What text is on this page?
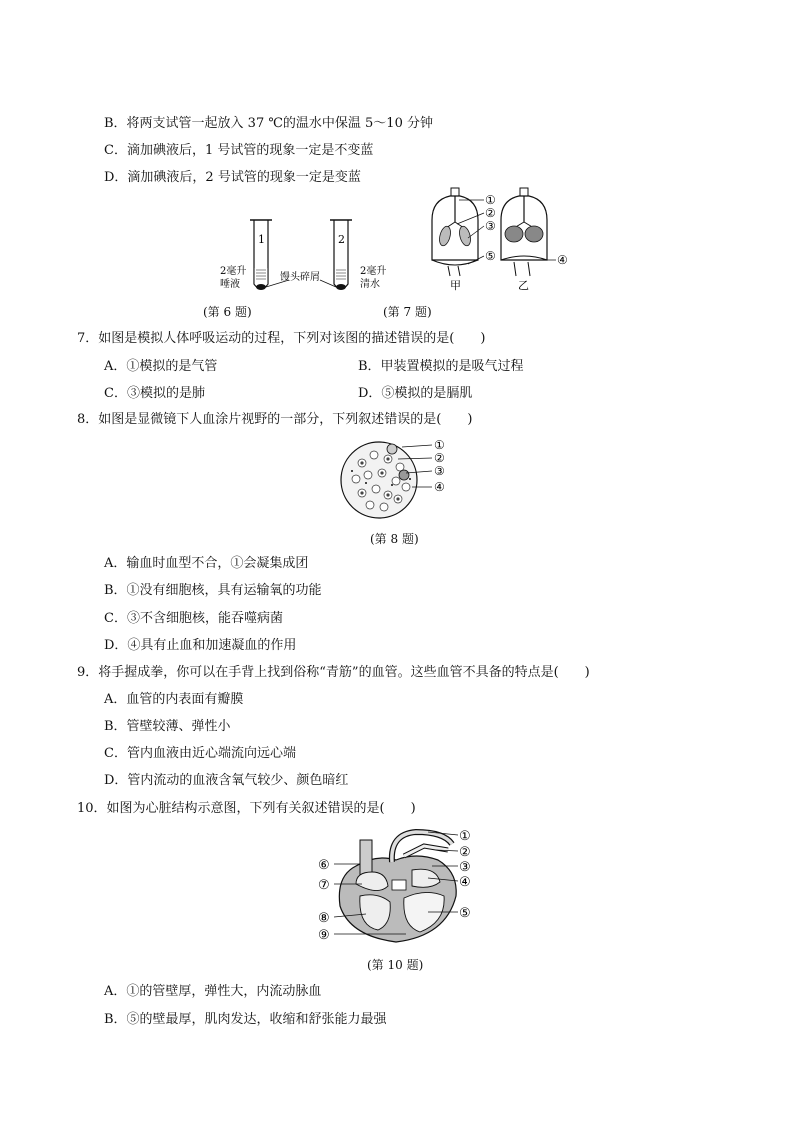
B．将两支试管一起放入 37 ℃的温水中保温 5～10 分钟
C．滴加碘液后，1 号试管的现象一定是不变蓝
D．滴加碘液后，2 号试管的现象一定是变蓝
1	2
2毫升
唾液
馒头碎屑
2毫升
清水
(第 6 题)
甲	乙
①
②
③
⑤	④
(第 7 题)
7．如图是模拟人体呼吸运动的过程，下列对该图的描述错误的是(　　)
A．①模拟的是气管	B．甲装置模拟的是吸气过程
C．③模拟的是肺	D．⑤模拟的是膈肌
8．如图是显微镜下人血涂片视野的一部分，下列叙述错误的是(　　)
①
②
③
④
(第 8 题)
A．输血时血型不合，①会凝集成团
B．①没有细胞核，具有运输氧的功能
C．③不含细胞核，能吞噬病菌
D．④具有止血和加速凝血的作用
9．将手握成拳，你可以在手背上找到俗称“青筋”的血管。这些血管不具备的特点是(　　)
A．血管的内表面有瓣膜
B．管壁较薄、弹性小
C．管内血液由近心端流向远心端
D．管内流动的血液含氧气较少、颜色暗红
10．如图为心脏结构示意图，下列有关叙述错误的是(　　)
①
②
③
④
⑤
⑥
⑦
⑧
⑨
(第 10 题)
A．①的管壁厚，弹性大，内流动脉血
B．⑤的壁最厚，肌肉发达，收缩和舒张能力最强
